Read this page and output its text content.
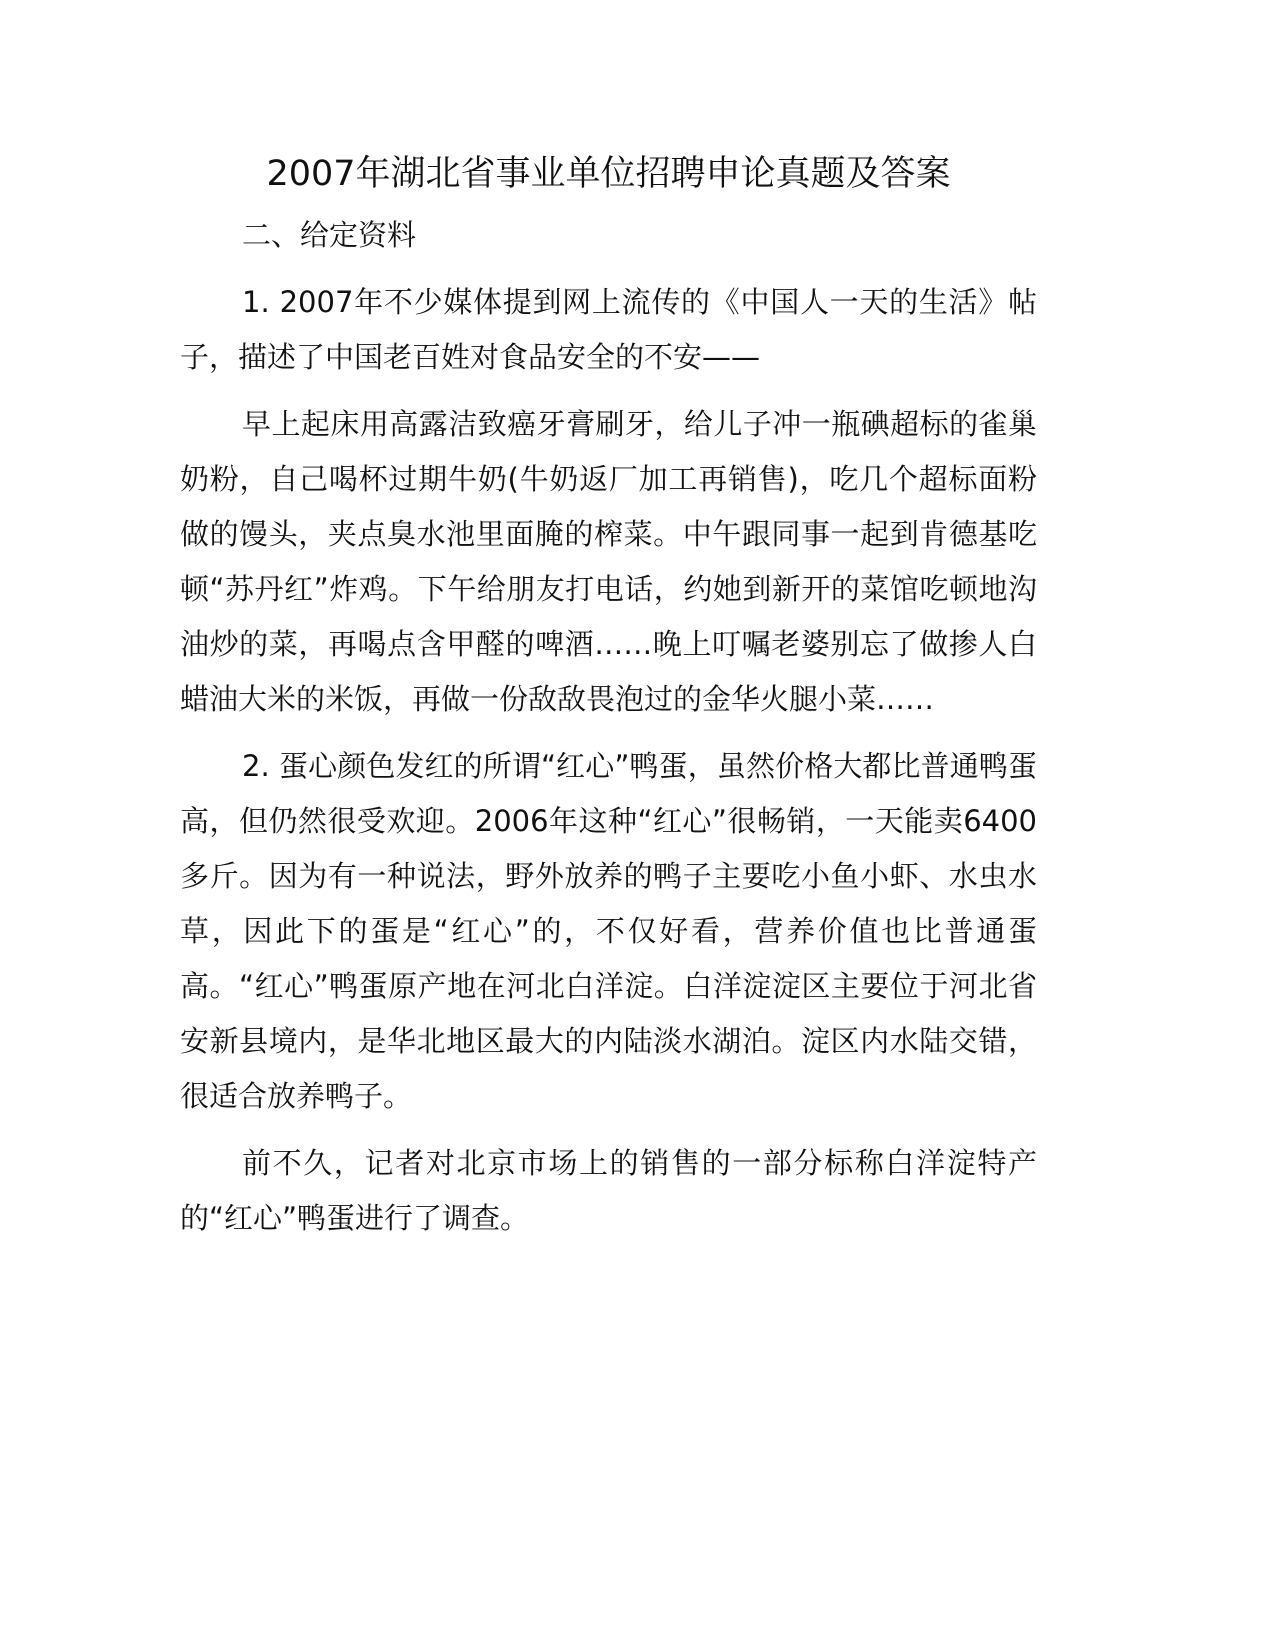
2007年湖北省事业单位招聘申论真题及答案

二、给定资料

1. 2007年不少媒体提到网上流传的《中国人一天的生活》帖子，描述了中国老百姓对食品安全的不安——

早上起床用高露洁致癌牙膏刷牙，给儿子冲一瓶碘超标的雀巢奶粉，自己喝杯过期牛奶(牛奶返厂加工再销售)，吃几个超标面粉做的馒头，夹点臭水池里面腌的榨菜。中午跟同事一起到肯德基吃顿“苏丹红”炸鸡。下午给朋友打电话，约她到新开的菜馆吃顿地沟油炒的菜，再喝点含甲醛的啤酒……晚上叮嘱老婆别忘了做掺人白蜡油大米的米饭，再做一份敌敌畏泡过的金华火腿小菜……

2. 蛋心颜色发红的所谓“红心”鸭蛋，虽然价格大都比普通鸭蛋高，但仍然很受欢迎。2006年这种“红心”很畅销，一天能卖6400多斤。因为有一种说法，野外放养的鸭子主要吃小鱼小虾、水虫水草，因此下的蛋是“红心”的，不仅好看，营养价值也比普通蛋高。“红心”鸭蛋原产地在河北白洋淀。白洋淀淀区主要位于河北省安新县境内，是华北地区最大的内陆淡水湖泊。淀区内水陆交错，很适合放养鸭子。

前不久，记者对北京市场上的销售的一部分标称白洋淀特产的“红心”鸭蛋进行了调查。
